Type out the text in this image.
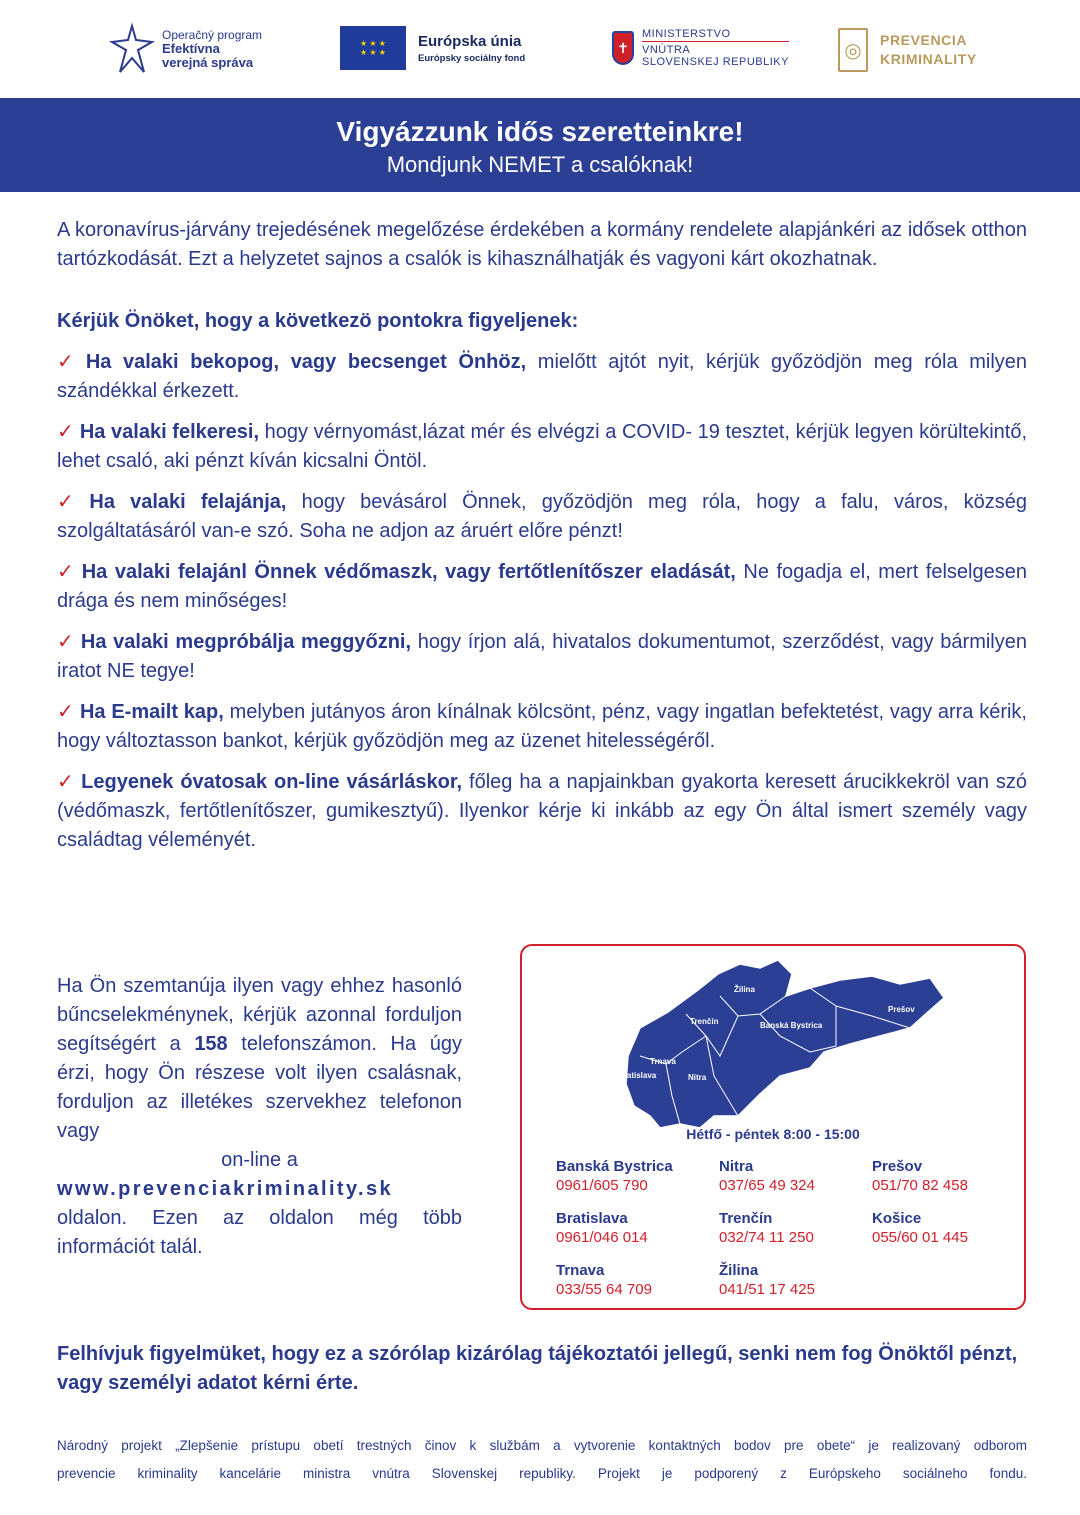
Operačný program
Efektívna
verejná správa
★ ★ ★
★ ★ ★
Európska únia
Európsky sociálny fond
✝
MINISTERSTVO
VNÚTRA
SLOVENSKEJ REPUBLIKY
◎	PREVENCIA
KRIMINALITY
Vigyázzunk idős szeretteinkre!
Mondjunk NEMET a csalóknak!

A koronavírus-járvány trejedésének megelőzése érdekében a kormány rendelete alapjánkéri az idősek otthon tartózkodását. Ezt a helyzetet sajnos a csalók is kihasználhatják és vagyoni kárt okozhatnak.

Kérjük Önöket, hogy a következö pontokra figyeljenek:

✓ Ha valaki bekopog, vagy becsenget Önhöz, mielőtt ajtót nyit, kérjük győzödjön meg róla milyen szándékkal érkezett.
✓ Ha valaki felkeresi, hogy vérnyomást,lázat mér és elvégzi a COVID- 19 tesztet, kérjük legyen körültekintő, lehet csaló, aki pénzt kíván kicsalni Öntöl.
✓ Ha valaki felajánja, hogy bevásárol Önnek, győzödjön meg róla, hogy a falu, város, község szolgáltatásáról van-e szó. Soha ne adjon az áruért előre pénzt!
✓ Ha valaki felajánl Önnek védőmaszk, vagy fertőtlenítőszer eladását, Ne fogadja el, mert felselgesen drága és nem minőséges!
✓ Ha valaki megpróbálja meggyőzni, hogy írjon alá, hivatalos dokumentumot, szerződést, vagy bármilyen iratot NE tegye!
✓ Ha E-mailt kap, melyben jutányos áron kínálnak kölcsönt, pénz, vagy ingatlan befektetést, vagy arra kérik, hogy változtasson bankot, kérjük győzödjön meg az üzenet hitelességéről.
✓ Legyenek óvatosak on-line vásárláskor, főleg ha a napjainkban gyakorta keresett árucikkekröl van szó (védőmaszk, fertőtlenítőszer, gumikesztyű). Ilyenkor kérje ki inkább az egy Ön által ismert személy vagy családtag véleményét.
Ha Ön szemtanúja ilyen vagy ehhez hasonló bűncselekménynek, kérjük azonnal forduljon segítségért a 158 telefonszámon. Ha úgy érzi, hogy Ön részese volt ilyen csalásnak, forduljon az illetékes szervekhez telefonon vagy
on-line a
www.prevenciakriminality.sk
oldalon. Ezen az oldalon még több információt talál.
Žilina
Prešov
Trenčín	Banská Bystrica
Košice
Trnava
Bratislava	Nitra
Hétfő - péntek 8:00 - 15:00
Banská Bystrica
0961/605 790
Nitra
037/65 49 324
Prešov
051/70 82 458
Bratislava
0961/046 014
Trenčín
032/74 11 250
Košice
055/60 01 445
Trnava
033/55 64 709
Žilina
041/51 17 425
Felhívjuk figyelmüket, hogy ez a szórólap kizárólag tájékoztatói jellegű, senki nem fog Önöktől pénzt, vagy személyi adatot kérni érte.
Národný projekt „Zlepšenie prístupu obetí trestných činov k službám a vytvorenie kontaktných bodov pre obete“ je realizovaný odborom
prevencie kriminality kancelárie ministra vnútra Slovenskej republiky. Projekt je podporený z Európskeho sociálneho fondu.
